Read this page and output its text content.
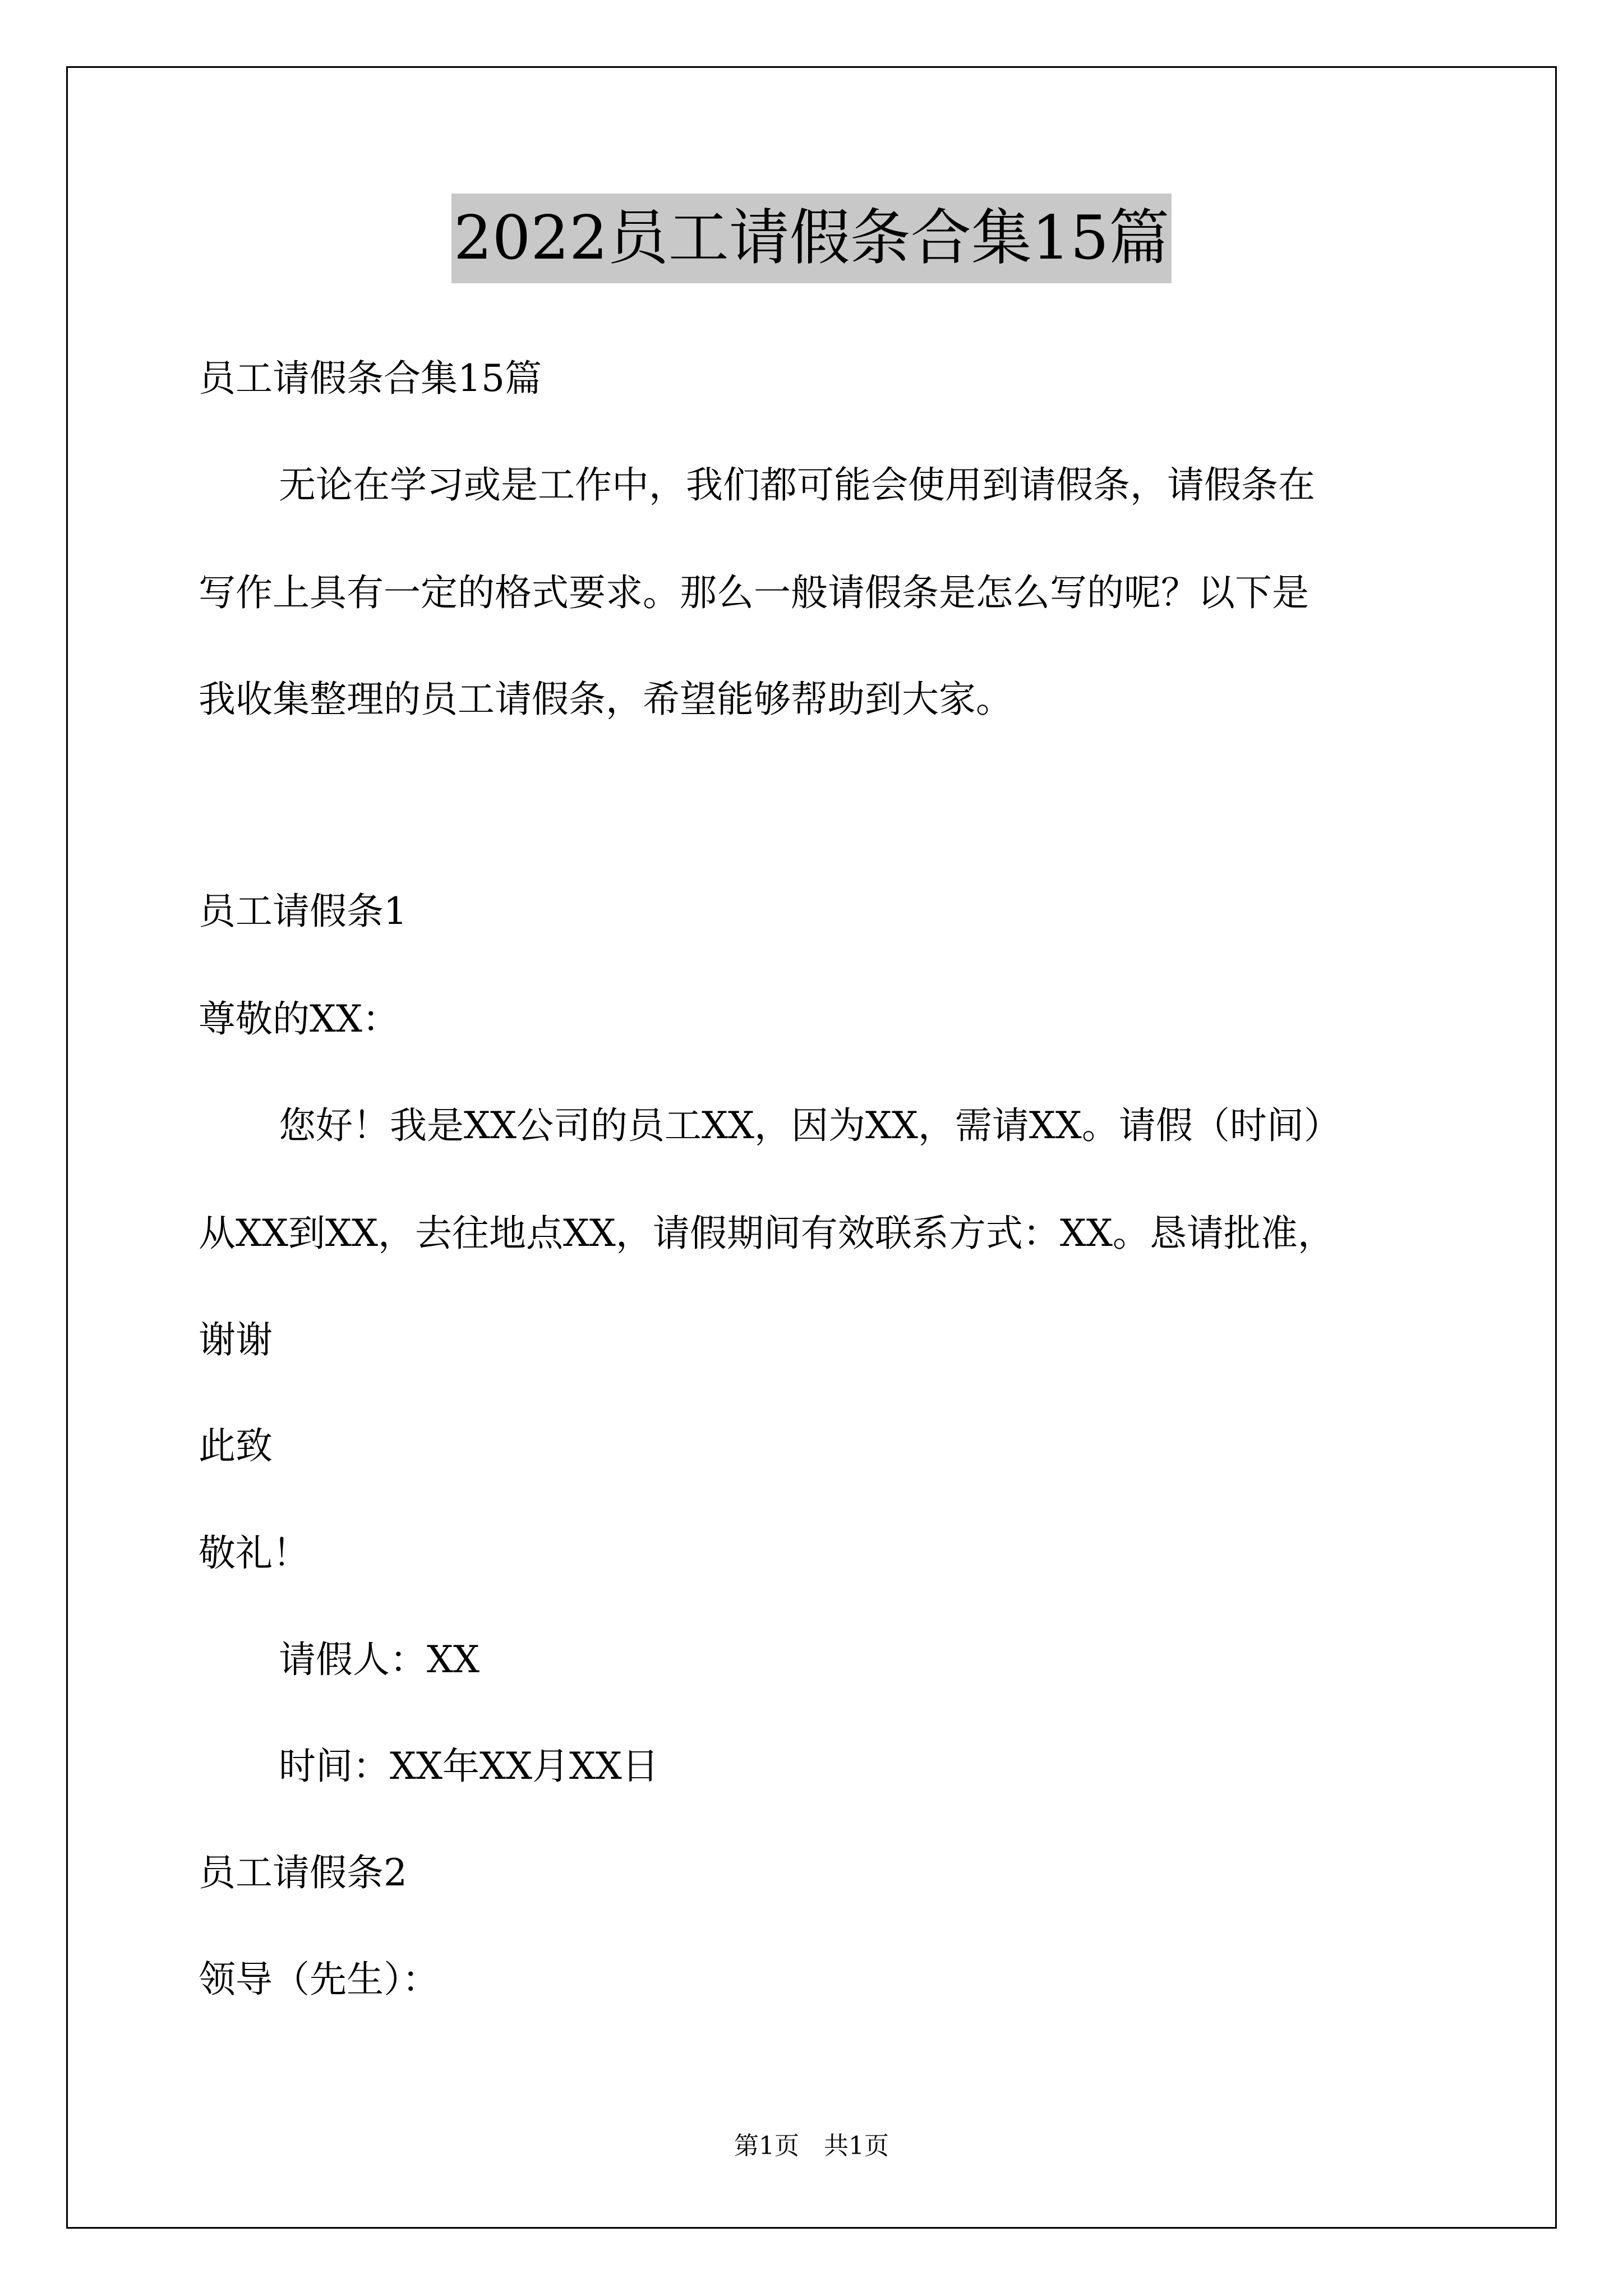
2022员工请假条合集15篇
员工请假条合集15篇
无论在学习或是工作中，我们都可能会使用到请假条，请假条在
写作上具有一定的格式要求。那么一般请假条是怎么写的呢？以下是
我收集整理的员工请假条，希望能够帮助到大家。
员工请假条1
尊敬的XX：
您好！我是XX公司的员工XX，因为XX，需请XX。请假（时间）
从XX到XX，去往地点XX，请假期间有效联系方式：XX。恳请批准，
谢谢
此致
敬礼！
请假人：XX
时间：XX年XX月XX日
员工请假条2
领导（先生）：
第1页　共1页
